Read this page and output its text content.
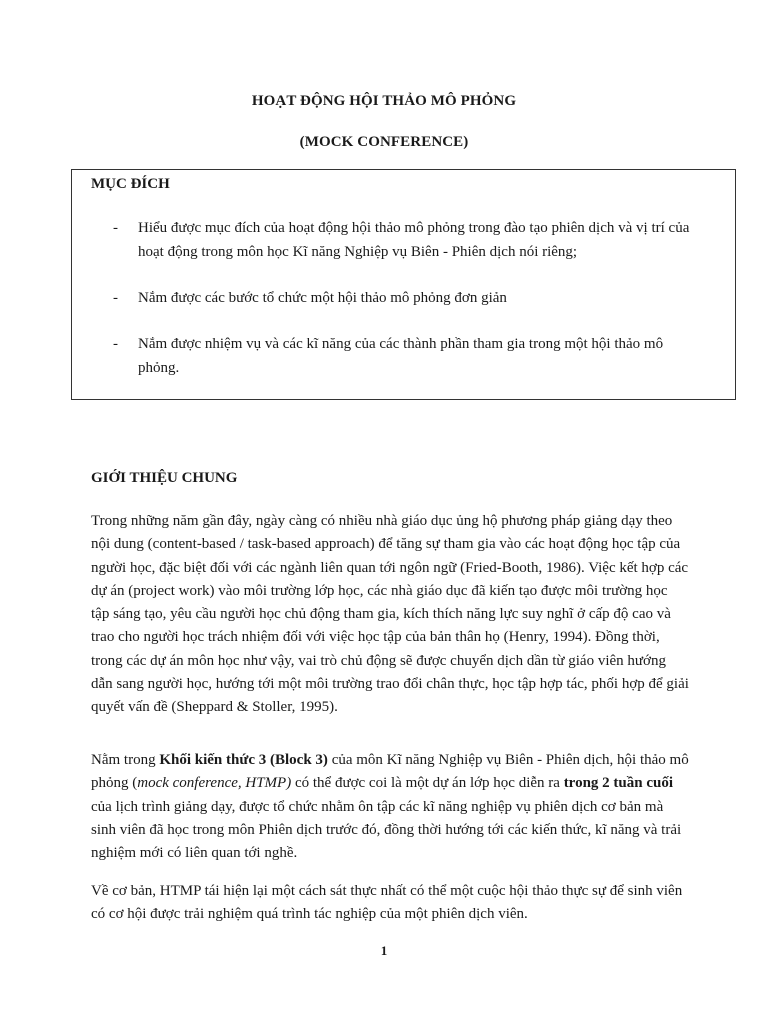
HOẠT ĐỘNG HỘI THẢO MÔ PHỎNG
(MOCK CONFERENCE)
MỤC ĐÍCH
- Hiểu được mục đích của hoạt động hội thảo mô phỏng trong đào tạo phiên dịch và vị trí của hoạt động trong môn học Kĩ năng Nghiệp vụ Biên - Phiên dịch nói riêng;
- Nắm được các bước tổ chức một hội thảo mô phỏng đơn giản
- Nắm được nhiệm vụ và các kĩ năng của các thành phần tham gia trong một hội thảo mô phỏng.
GIỚI THIỆU CHUNG

Trong những năm gần đây, ngày càng có nhiều nhà giáo dục ủng hộ phương pháp giảng dạy theo nội dung (content-based / task-based approach) để tăng sự tham gia vào các hoạt động học tập của người học, đặc biệt đối với các ngành liên quan tới ngôn ngữ (Fried-Booth, 1986). Việc kết hợp các dự án (project work) vào môi trường lớp học, các nhà giáo dục đã kiến tạo được môi trường học tập sáng tạo, yêu cầu người học chủ động tham gia, kích thích năng lực suy nghĩ ở cấp độ cao và trao cho người học trách nhiệm đối với việc học tập của bản thân họ (Henry, 1994). Đồng thời, trong các dự án môn học như vậy, vai trò chủ động sẽ được chuyển dịch dần từ giáo viên hướng dẫn sang người học, hướng tới một môi trường trao đổi chân thực, học tập hợp tác, phối hợp để giải quyết vấn đề (Sheppard & Stoller, 1995).

Nằm trong Khối kiến thức 3 (Block 3) của môn Kĩ năng Nghiệp vụ Biên - Phiên dịch, hội thảo mô phỏng (mock conference, HTMP) có thể được coi là một dự án lớp học diễn ra trong 2 tuần cuối của lịch trình giảng dạy, được tổ chức nhằm ôn tập các kĩ năng nghiệp vụ phiên dịch cơ bản mà sinh viên đã học trong môn Phiên dịch trước đó, đồng thời hướng tới các kiến thức, kĩ năng và trải nghiệm mới có liên quan tới nghề.

Về cơ bản, HTMP tái hiện lại một cách sát thực nhất có thể một cuộc hội thảo thực sự để sinh viên có cơ hội được trải nghiệm quá trình tác nghiệp của một phiên dịch viên.

1
